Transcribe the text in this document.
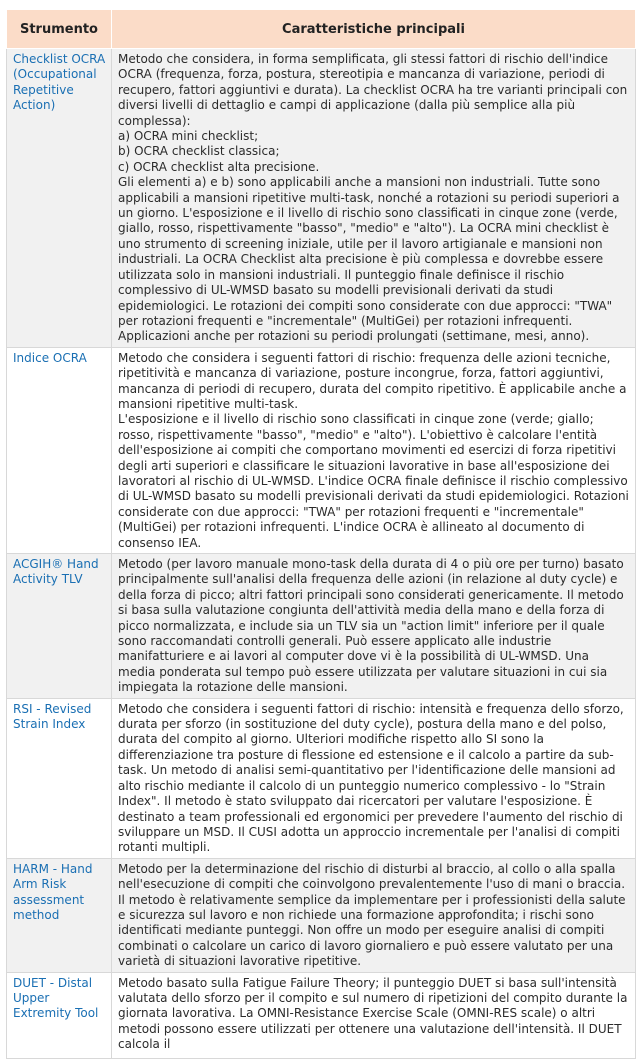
Strumento	Caratteristiche principali
Checklist OCRA (Occupational Repetitive Action)	Metodo che considera, in forma semplificata, gli stessi fattori di rischio dell'indice OCRA (frequenza, forza, postura, stereotipia e mancanza di variazione, periodi di recupero, fattori aggiuntivi e durata). La checklist OCRA ha tre varianti principali con diversi livelli di dettaglio e campi di applicazione (dalla più semplice alla più complessa):
a) OCRA mini checklist;
b) OCRA checklist classica;
c) OCRA checklist alta precisione.
Gli elementi a) e b) sono applicabili anche a mansioni non industriali. Tutte sono applicabili a mansioni ripetitive multi-task, nonché a rotazioni su periodi superiori a un giorno. L'esposizione e il livello di rischio sono classificati in cinque zone (verde, giallo, rosso, rispettivamente "basso", "medio" e "alto"). La OCRA mini checklist è uno strumento di screening iniziale, utile per il lavoro artigianale e mansioni non industriali. La OCRA Checklist alta precisione è più complessa e dovrebbe essere utilizzata solo in mansioni industriali. Il punteggio finale definisce il rischio complessivo di UL-WMSD basato su modelli previsionali derivati da studi epidemiologici. Le rotazioni dei compiti sono considerate con due approcci: "TWA" per rotazioni frequenti e "incrementale" (MultiGei) per rotazioni infrequenti. Applicazioni anche per rotazioni su periodi prolungati (settimane, mesi, anno).
Indice OCRA	Metodo che considera i seguenti fattori di rischio: frequenza delle azioni tecniche, ripetitività e mancanza di variazione, posture incongrue, forza, fattori aggiuntivi, mancanza di periodi di recupero, durata del compito ripetitivo. È applicabile anche a mansioni ripetitive multi-task.
L'esposizione e il livello di rischio sono classificati in cinque zone (verde; giallo; rosso, rispettivamente "basso", "medio" e "alto"). L'obiettivo è calcolare l'entità dell'esposizione ai compiti che comportano movimenti ed esercizi di forza ripetitivi degli arti superiori e classificare le situazioni lavorative in base all'esposizione dei lavoratori al rischio di UL-WMSD. L'indice OCRA finale definisce il rischio complessivo di UL-WMSD basato su modelli previsionali derivati da studi epidemiologici. Rotazioni considerate con due approcci: "TWA" per rotazioni frequenti e "incrementale" (MultiGei) per rotazioni infrequenti. L'indice OCRA è allineato al documento di consenso IEA.
ACGIH® Hand Activity TLV	Metodo (per lavoro manuale mono-task della durata di 4 o più ore per turno) basato principalmente sull'analisi della frequenza delle azioni (in relazione al duty cycle) e della forza di picco; altri fattori principali sono considerati genericamente. Il metodo si basa sulla valutazione congiunta dell'attività media della mano e della forza di picco normalizzata, e include sia un TLV sia un "action limit" inferiore per il quale sono raccomandati controlli generali. Può essere applicato alle industrie manifatturiere e ai lavori al computer dove vi è la possibilità di UL-WMSD. Una media ponderata sul tempo può essere utilizzata per valutare situazioni in cui sia impiegata la rotazione delle mansioni.
RSI - Revised Strain Index	Metodo che considera i seguenti fattori di rischio: intensità e frequenza dello sforzo, durata per sforzo (in sostituzione del duty cycle), postura della mano e del polso, durata del compito al giorno. Ulteriori modifiche rispetto allo SI sono la differenziazione tra posture di flessione ed estensione e il calcolo a partire da sub-task. Un metodo di analisi semi-quantitativo per l'identificazione delle mansioni ad alto rischio mediante il calcolo di un punteggio numerico complessivo - lo "Strain Index". Il metodo è stato sviluppato dai ricercatori per valutare l'esposizione. È destinato a team professionali ed ergonomici per prevedere l'aumento del rischio di sviluppare un MSD. Il CUSI adotta un approccio incrementale per l'analisi di compiti rotanti multipli.
HARM - Hand Arm Risk assessment method	Metodo per la determinazione del rischio di disturbi al braccio, al collo o alla spalla nell'esecuzione di compiti che coinvolgono prevalentemente l'uso di mani o braccia. Il metodo è relativamente semplice da implementare per i professionisti della salute e sicurezza sul lavoro e non richiede una formazione approfondita; i rischi sono identificati mediante punteggi. Non offre un modo per eseguire analisi di compiti combinati o calcolare un carico di lavoro giornaliero e può essere valutato per una varietà di situazioni lavorative ripetitive.
DUET - Distal Upper Extremity Tool	Metodo basato sulla Fatigue Failure Theory; il punteggio DUET si basa sull'intensità valutata dello sforzo per il compito e sul numero di ripetizioni del compito durante la giornata lavorativa. La OMNI-Resistance Exercise Scale (OMNI-RES scale) o altri metodi possono essere utilizzati per ottenere una valutazione dell'intensità. Il DUET calcola il
